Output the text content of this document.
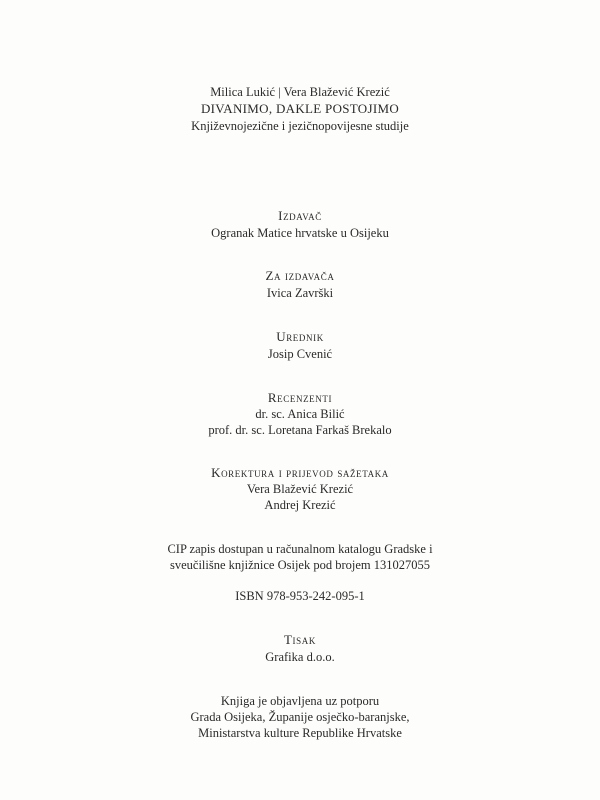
Milica Lukić | Vera Blažević Krezić
DIVANIMO, DAKLE POSTOJIMO
Književnojezične i jezičnopovijesne studije
Izdavač
Ogranak Matice hrvatske u Osijeku
Za izdavača
Ivica Završki
Urednik
Josip Cvenić
Recenzenti
dr. sc. Anica Bilić
prof. dr. sc. Loretana Farkaš Brekalo
Korektura i prijevod sažetaka
Vera Blažević Krezić
Andrej Krezić
CIP zapis dostupan u računalnom katalogu Gradske i
sveučilišne knjižnice Osijek pod brojem 131027055
ISBN 978-953-242-095-1
Tisak
Grafika d.o.o.
Knjiga je objavljena uz potporu
Grada Osijeka, Županije osječko-baranjske,
Ministarstva kulture Republike Hrvatske
